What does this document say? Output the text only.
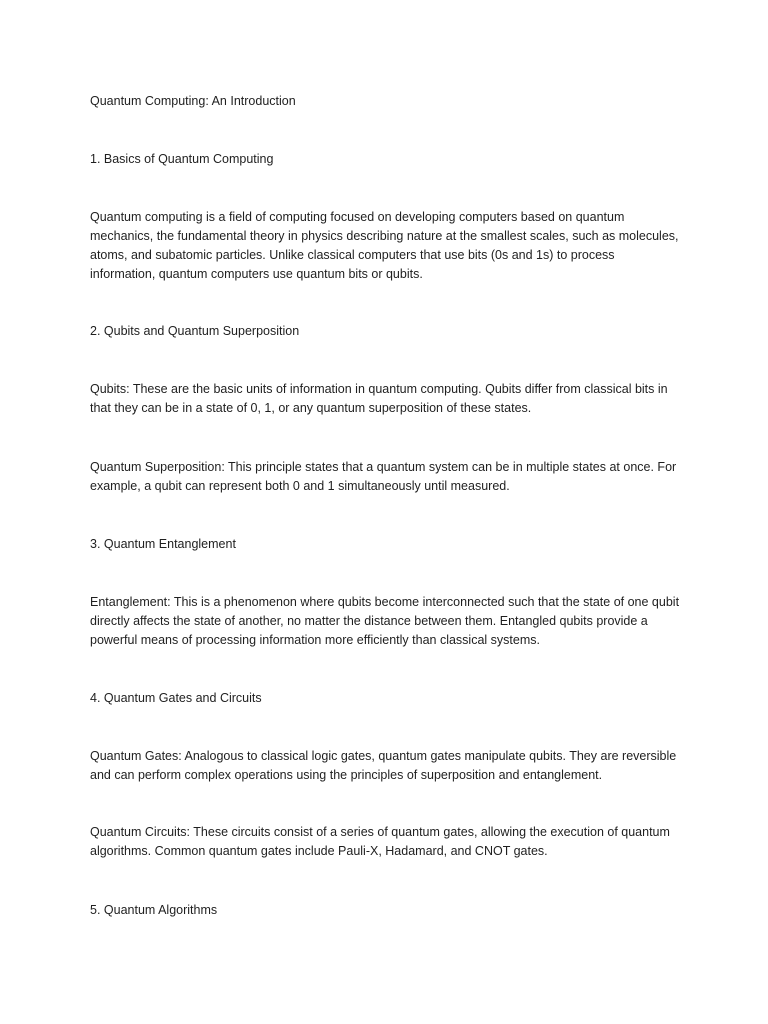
Quantum Computing: An Introduction

1. Basics of Quantum Computing

Quantum computing is a field of computing focused on developing computers based on quantum mechanics, the fundamental theory in physics describing nature at the smallest scales, such as molecules, atoms, and subatomic particles. Unlike classical computers that use bits (0s and 1s) to process information, quantum computers use quantum bits or qubits.

2. Qubits and Quantum Superposition

Qubits: These are the basic units of information in quantum computing. Qubits differ from classical bits in that they can be in a state of 0, 1, or any quantum superposition of these states.

Quantum Superposition: This principle states that a quantum system can be in multiple states at once. For example, a qubit can represent both 0 and 1 simultaneously until measured.

3. Quantum Entanglement

Entanglement: This is a phenomenon where qubits become interconnected such that the state of one qubit directly affects the state of another, no matter the distance between them. Entangled qubits provide a powerful means of processing information more efficiently than classical systems.

4. Quantum Gates and Circuits

Quantum Gates: Analogous to classical logic gates, quantum gates manipulate qubits. They are reversible and can perform complex operations using the principles of superposition and entanglement.

Quantum Circuits: These circuits consist of a series of quantum gates, allowing the execution of quantum algorithms. Common quantum gates include Pauli-X, Hadamard, and CNOT gates.

5. Quantum Algorithms
